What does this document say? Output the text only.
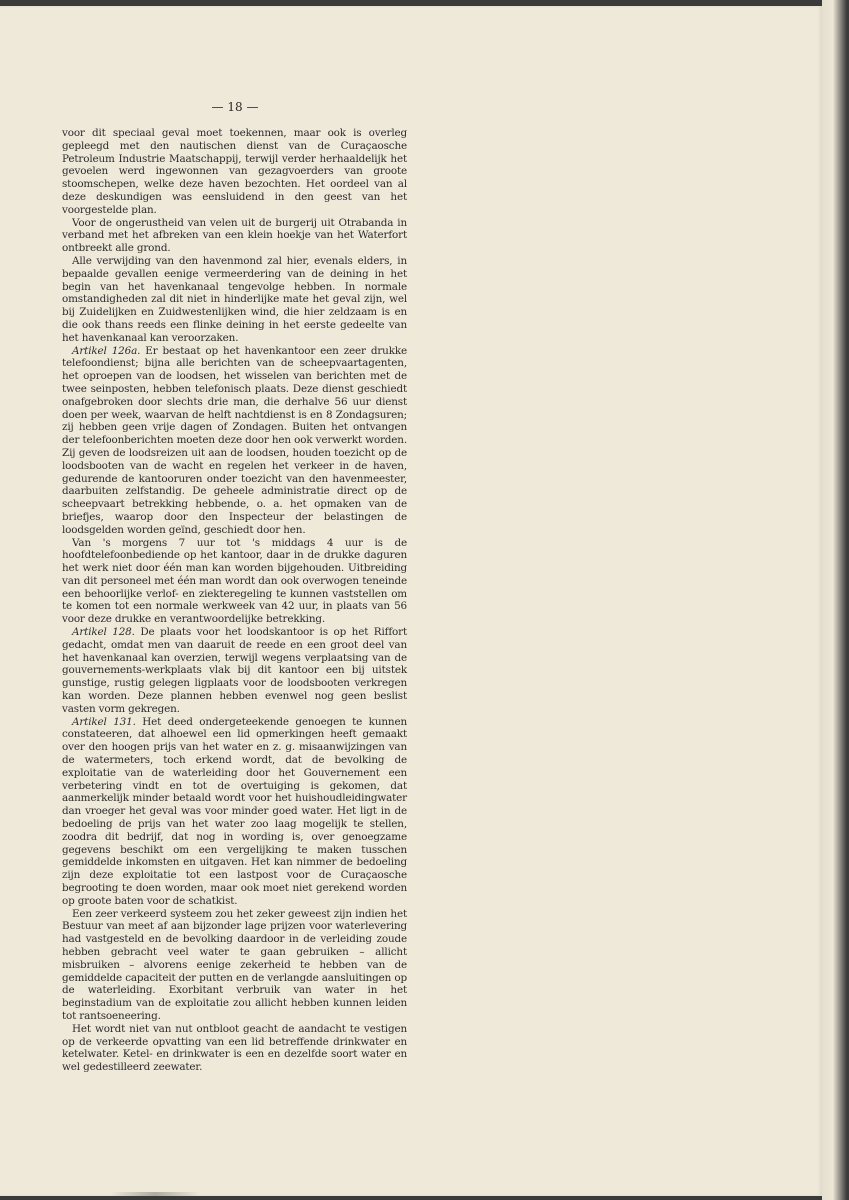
— 18 —

voor dit speciaal geval moet toekennen, maar ook is overleg gepleegd met den nautischen dienst van de Curaçaosche Petroleum Industrie Maatschappij, terwijl verder herhaaldelijk het gevoelen werd ingewonnen van gezagvoerders van groote stoomschepen, welke deze haven bezochten. Het oordeel van al deze deskundigen was eensluidend in den geest van het voorgestelde plan.

Voor de ongerustheid van velen uit de burgerij uit Otrabanda in verband met het afbreken van een klein hoekje van het Waterfort ontbreekt alle grond.

Alle verwijding van den havenmond zal hier, evenals elders, in bepaalde gevallen eenige vermeerdering van de deining in het begin van het havenkanaal tengevolge hebben. In normale omstandigheden zal dit niet in hinderlijke mate het geval zijn, wel bij Zuidelijken en Zuidwestenlijken wind, die hier zeldzaam is en die ook thans reeds een flinke deining in het eerste gedeelte van het havenkanaal kan veroorzaken.

Artikel 126a. Er bestaat op het havenkantoor een zeer drukke telefoondienst; bijna alle berichten van de scheepvaartagenten, het oproepen van de loodsen, het wisselen van berichten met de twee seinposten, hebben telefonisch plaats. Deze dienst geschiedt onafgebroken door slechts drie man, die derhalve 56 uur dienst doen per week, waarvan de helft nachtdienst is en 8 Zondagsuren; zij hebben geen vrije dagen of Zondagen. Buiten het ontvangen der telefoonberichten moeten deze door hen ook verwerkt worden. Zij geven de loodsreizen uit aan de loodsen, houden toezicht op de loodsbooten van de wacht en regelen het verkeer in de haven, gedurende de kantooruren onder toezicht van den havenmeester, daarbuiten zelfstandig. De geheele administratie direct op de scheepvaart betrekking hebbende, o. a. het opmaken van de briefjes, waarop door den Inspecteur der belastingen de loodsgelden worden geïnd, geschiedt door hen.

Van 's morgens 7 uur tot 's middags 4 uur is de hoofdtelefoonbediende op het kantoor, daar in de drukke daguren het werk niet door één man kan worden bijgehouden. Uitbreiding van dit personeel met één man wordt dan ook overwogen teneinde een behoorlijke verlof- en ziekteregeling te kunnen vaststellen om te komen tot een normale werkweek van 42 uur, in plaats van 56 voor deze drukke en verantwoordelijke betrekking.

Artikel 128. De plaats voor het loodskantoor is op het Riffort gedacht, omdat men van daaruit de reede en een groot deel van het havenkanaal kan overzien, terwijl wegens verplaatsing van de gouvernements-werkplaats vlak bij dit kantoor een bij uitstek gunstige, rustig gelegen ligplaats voor de loodsbooten verkregen kan worden. Deze plannen hebben evenwel nog geen beslist vasten vorm gekregen.

Artikel 131. Het deed ondergeteekende genoegen te kunnen constateeren, dat alhoewel een lid opmerkingen heeft gemaakt over den hoogen prijs van het water en z. g. misaanwijzingen van de watermeters, toch erkend wordt, dat de bevolking de exploitatie van de waterleiding door het Gouvernement een verbetering vindt en tot de overtuiging is gekomen, dat aanmerkelijk minder betaald wordt voor het huishoudleidingwater dan vroeger het geval was voor minder goed water. Het ligt in de bedoeling de prijs van het water zoo laag mogelijk te stellen, zoodra dit bedrijf, dat nog in wording is, over genoegzame gegevens beschikt om een vergelijking te maken tusschen gemiddelde inkomsten en uitgaven. Het kan nimmer de bedoeling zijn deze exploitatie tot een lastpost voor de Curaçaosche begrooting te doen worden, maar ook moet niet gerekend worden op groote baten voor de schatkist.

Een zeer verkeerd systeem zou het zeker geweest zijn indien het Bestuur van meet af aan bijzonder lage prijzen voor waterlevering had vastgesteld en de bevolking daardoor in de verleiding zoude hebben gebracht veel water te gaan gebruiken – allicht misbruiken – alvorens eenige zekerheid te hebben van de gemiddelde capaciteit der putten en de verlangde aansluitingen op de waterleiding. Exorbitant verbruik van water in het beginstadium van de exploitatie zou allicht hebben kunnen leiden tot rantsoeneering.

Het wordt niet van nut ontbloot geacht de aandacht te vestigen op de verkeerde opvatting van een lid betreffende drinkwater en ketelwater. Ketel- en drinkwater is een en dezelfde soort water en wel gedestilleerd zeewater.
